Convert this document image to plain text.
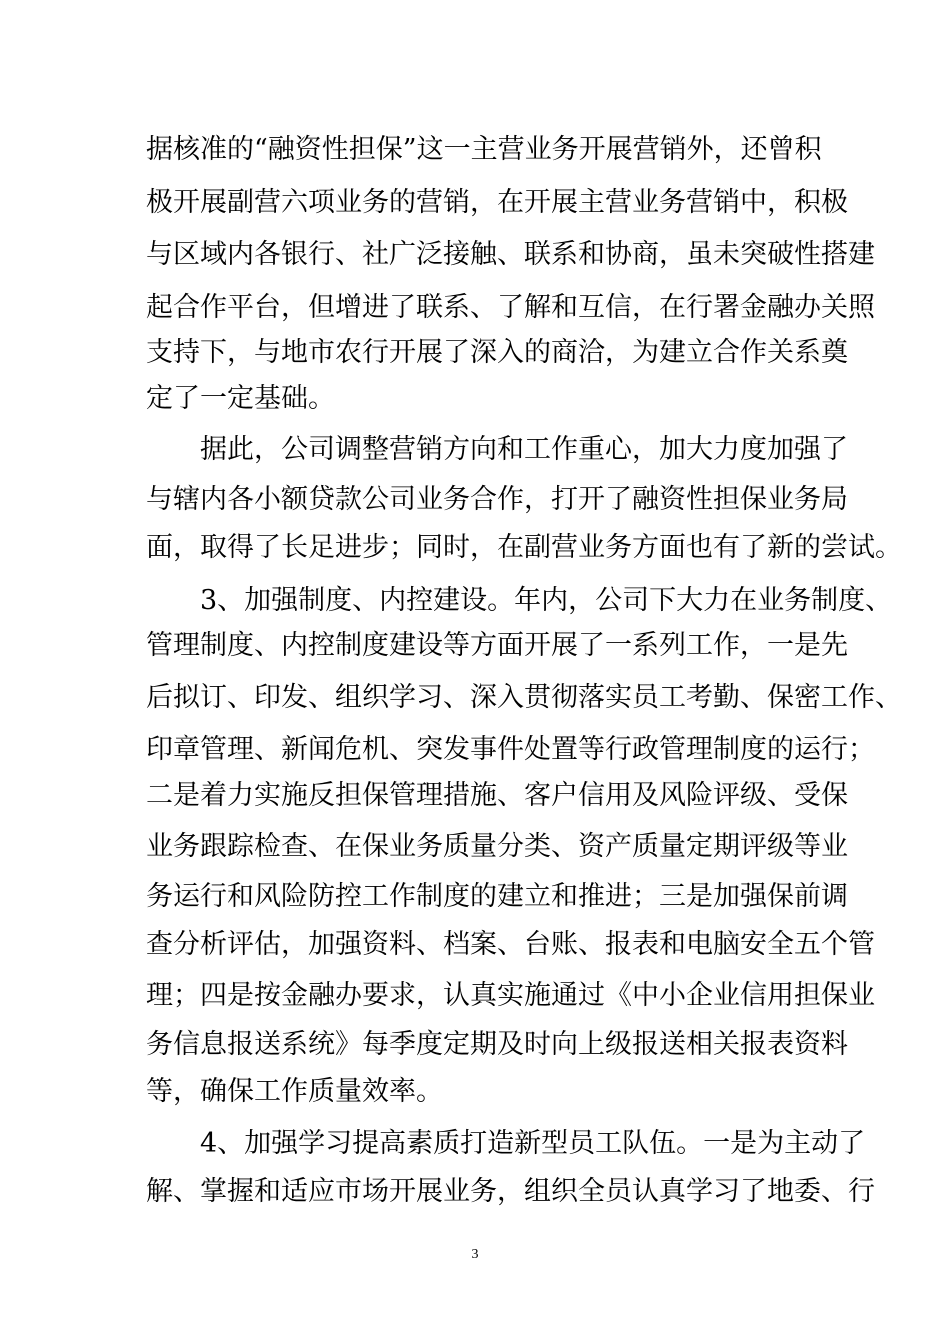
据核准的“融资性担保”这一主营业务开展营销外，还曾积
极开展副营六项业务的营销，在开展主营业务营销中，积极
与区域内各银行、社广泛接触、联系和协商，虽未突破性搭建
起合作平台，但增进了联系、了解和互信，在行署金融办关照
支持下，与地市农行开展了深入的商洽，为建立合作关系奠
定了一定基础。
据此，公司调整营销方向和工作重心，加大力度加强了
与辖内各小额贷款公司业务合作，打开了融资性担保业务局
面，取得了长足进步；同时，在副营业务方面也有了新的尝试。
3、加强制度、内控建设。年内，公司下大力在业务制度、
管理制度、内控制度建设等方面开展了一系列工作，一是先
后拟订、印发、组织学习、深入贯彻落实员工考勤、保密工作、
印章管理、新闻危机、突发事件处置等行政管理制度的运行；
二是着力实施反担保管理措施、客户信用及风险评级、受保
业务跟踪检查、在保业务质量分类、资产质量定期评级等业
务运行和风险防控工作制度的建立和推进；三是加强保前调
查分析评估，加强资料、档案、台账、报表和电脑安全五个管
理；四是按金融办要求，认真实施通过《中小企业信用担保业
务信息报送系统》每季度定期及时向上级报送相关报表资料
等，确保工作质量效率。
4、加强学习提高素质打造新型员工队伍。一是为主动了
解、掌握和适应市场开展业务，组织全员认真学习了地委、行
3
